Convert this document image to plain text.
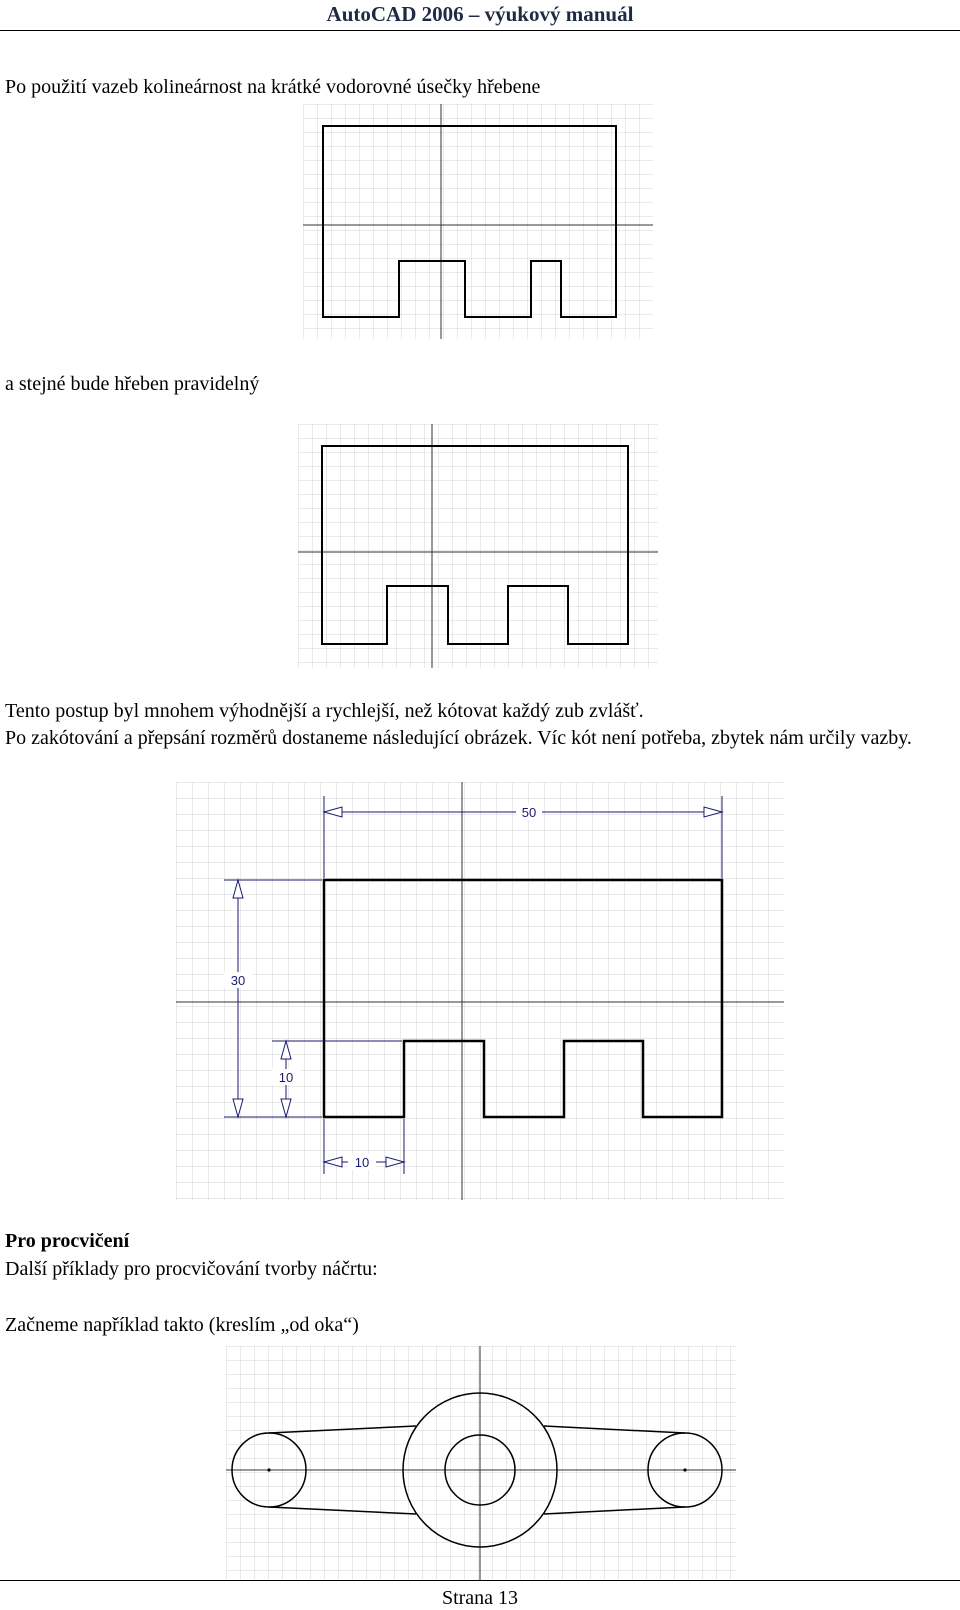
AutoCAD 2006 – výukový manuál

Po použití vazeb kolineárnost na krátké vodorovné úsečky hřebene

a stejné bude hřeben pravidelný

Tento postup byl mnohem výhodnější a rychlejší, než kótovat každý zub zvlášť.

Po zakótování a přepsání rozměrů dostaneme následující obrázek. Víc kót není potřeba, zbytek nám určily vazby.

50
30
10
10

Pro procvičení

Další příklady pro procvičování tvorby náčrtu:

Začneme například takto (kreslím „od oka“)

Strana 13
